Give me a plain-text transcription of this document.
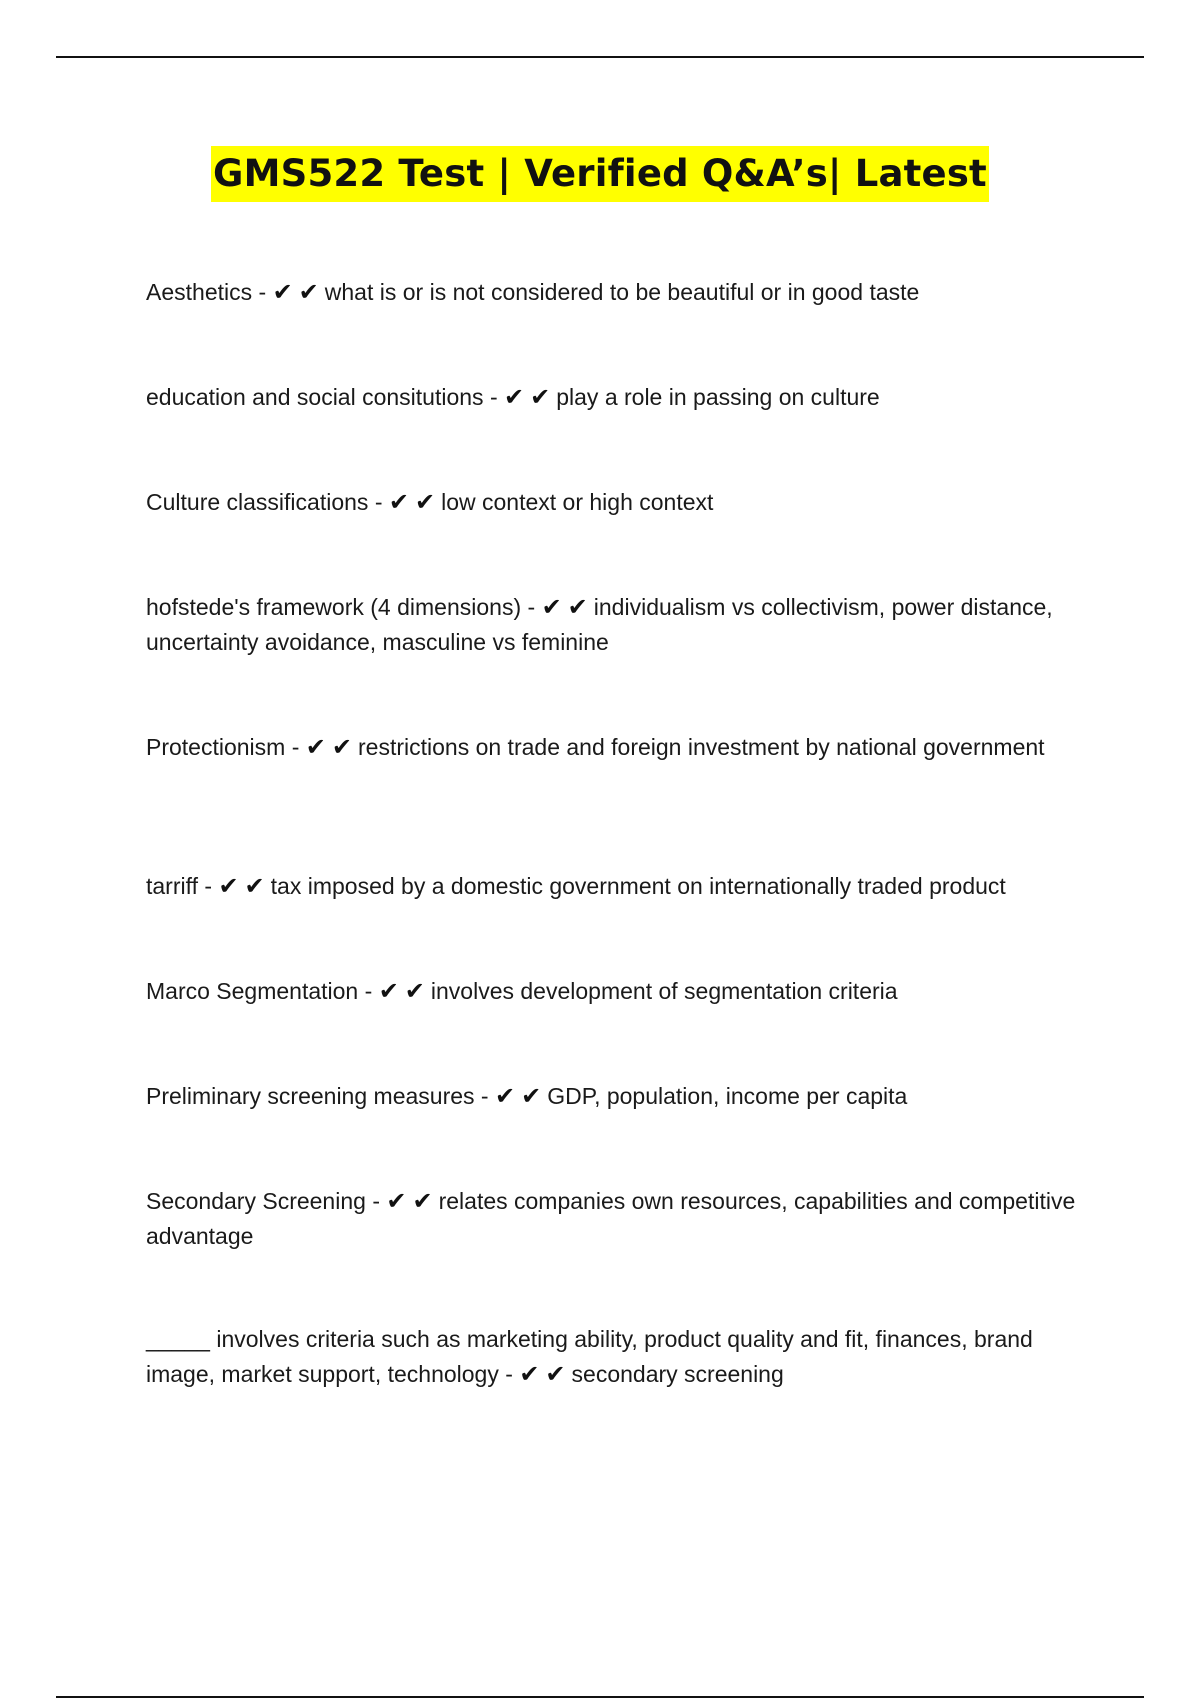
GMS522 Test | Verified Q&A’s| Latest
Aesthetics - ✔ ✔ what is or is not considered to be beautiful or in good taste
education and social consitutions - ✔ ✔ play a role in passing on culture
Culture classifications - ✔ ✔ low context or high context
hofstede's framework (4 dimensions) - ✔ ✔ individualism vs collectivism, power distance, uncertainty avoidance, masculine vs feminine
Protectionism - ✔ ✔ restrictions on trade and foreign investment by national government
tarriff - ✔ ✔ tax imposed by a domestic government on internationally traded product
Marco Segmentation - ✔ ✔ involves development of segmentation criteria
Preliminary screening measures - ✔ ✔ GDP, population, income per capita
Secondary Screening - ✔ ✔ relates companies own resources, capabilities and competitive advantage
_____ involves criteria such as marketing ability, product quality and fit, finances, brand image, market support, technology - ✔ ✔ secondary screening
